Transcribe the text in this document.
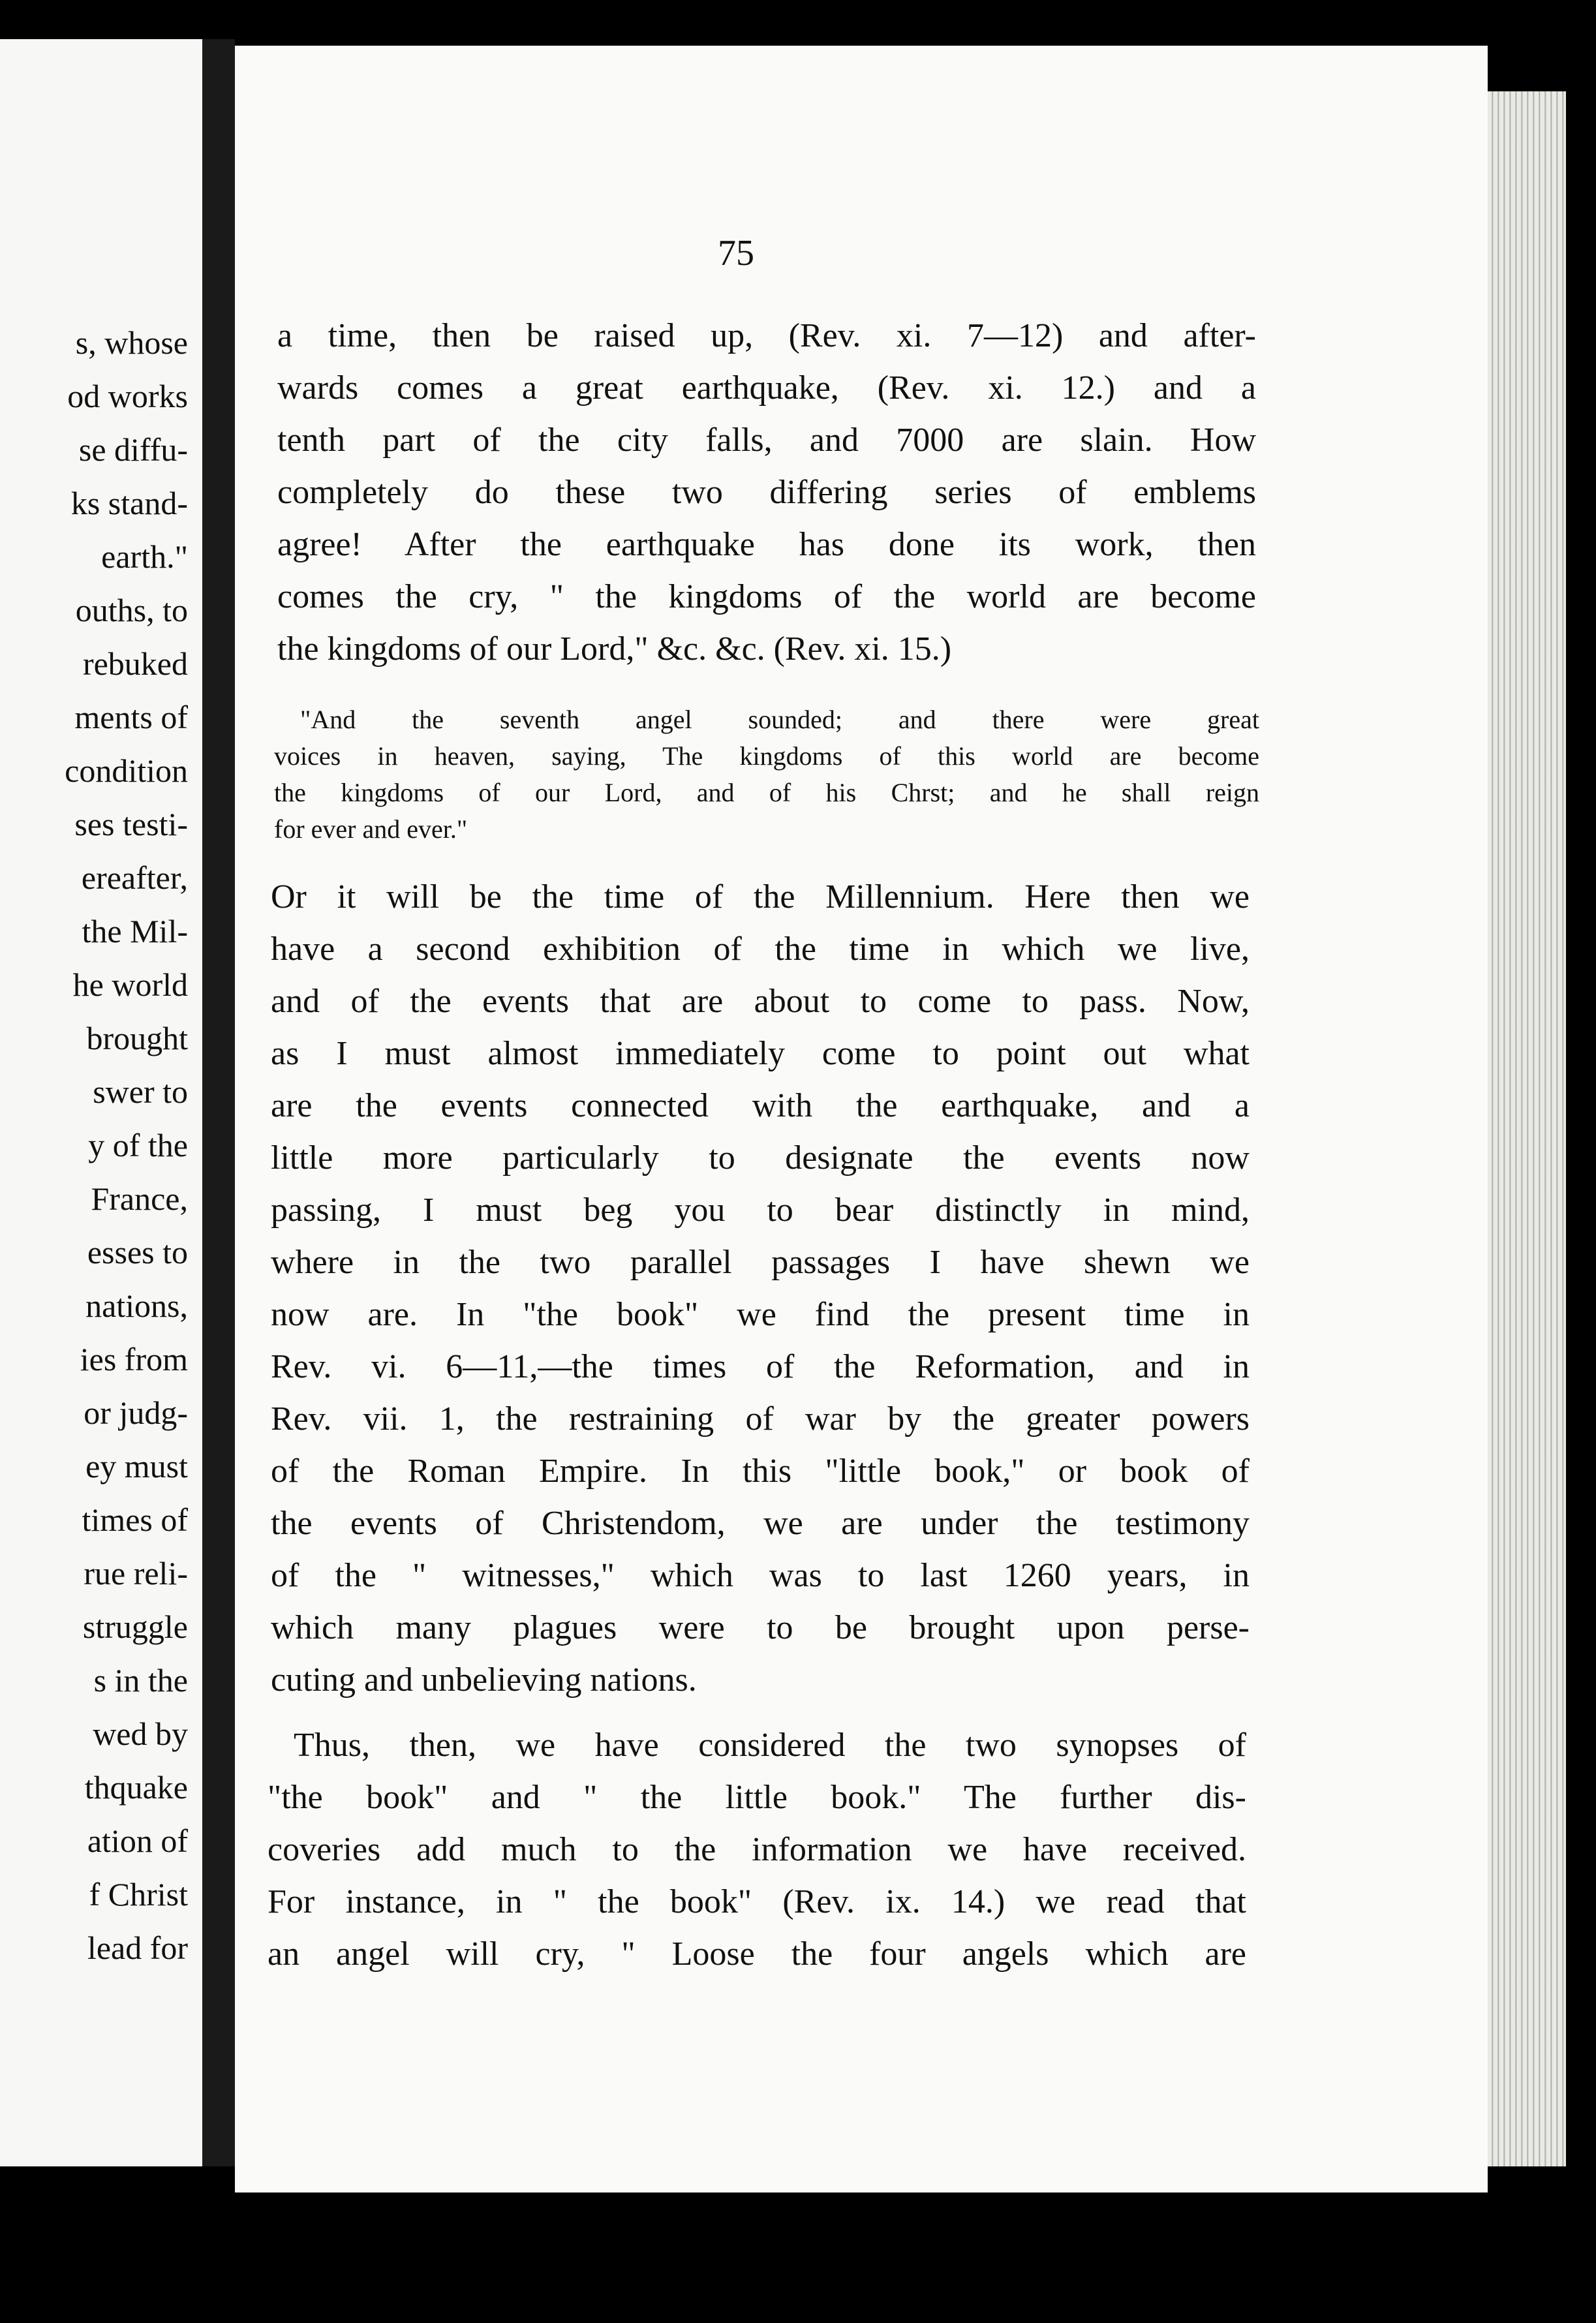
s, whose
od works
se diffu-
ks stand-
earth."
ouths, to
rebuked
ments of
condition
ses testi-
ereafter,
the Mil-
he world
brought
swer to
y of the
France,
esses to
nations,
ies from
or judg-
ey must
times of
rue reli-
struggle
s in the
wed by
thquake
ation of
f Christ
lead for
75
a time, then be raised up, (Rev. xi. 7—12) and after-
wards comes a great earthquake, (Rev. xi. 12.) and a
tenth part of the city falls, and 7000 are slain. How
completely do these two differing series of emblems
agree! After the earthquake has done its work, then
comes the cry, " the kingdoms of the world are become
the kingdoms of our Lord," &c. &c. (Rev. xi. 15.)
"And the seventh angel sounded; and there were great
voices in heaven, saying, The kingdoms of this world are become
the kingdoms of our Lord, and of his Chrst; and he shall reign
for ever and ever."
Or it will be the time of the Millennium. Here then we
have a second exhibition of the time in which we live,
and of the events that are about to come to pass. Now,
as I must almost immediately come to point out what
are the events connected with the earthquake, and a
little more particularly to designate the events now
passing, I must beg you to bear distinctly in mind,
where in the two parallel passages I have shewn we
now are. In "the book" we find the present time in
Rev. vi. 6—11,—the times of the Reformation, and in
Rev. vii. 1, the restraining of war by the greater powers
of the Roman Empire. In this "little book," or book of
the events of Christendom, we are under the testimony
of the " witnesses," which was to last 1260 years, in
which many plagues were to be brought upon perse-
cuting and unbelieving nations.
Thus, then, we have considered the two synopses of
"the book" and " the little book." The further dis-
coveries add much to the information we have received.
For instance, in " the book" (Rev. ix. 14.) we read that
an angel will cry, " Loose the four angels which are
